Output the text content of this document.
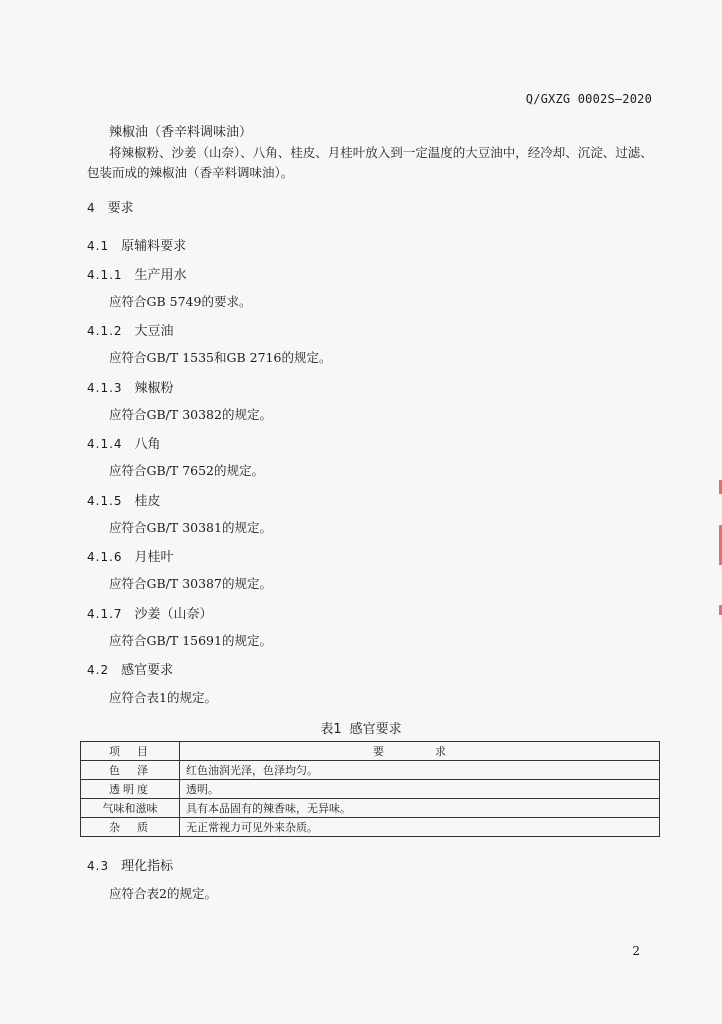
Q/GXZG 0002S—2020
辣椒油（香辛料调味油）
将辣椒粉、沙姜（山奈）、八角、桂皮、月桂叶放入到一定温度的大豆油中，经冷却、沉淀、过滤、
包装而成的辣椒油（香辛料调味油）。
4 要求
4.1 原辅料要求
4.1.1 生产用水
应符合GB 5749的要求。
4.1.2 大豆油
应符合GB/T 1535和GB 2716的规定。
4.1.3 辣椒粉
应符合GB/T 30382的规定。
4.1.4 八角
应符合GB/T 7652的规定。
4.1.5 桂皮
应符合GB/T 30381的规定。
4.1.6 月桂叶
应符合GB/T 30387的规定。
4.1.7 沙姜（山奈）
应符合GB/T 15691的规定。
4.2 感官要求
应符合表1的规定。
表1 感官要求
项　目	要　求
色　泽	红色油润光泽，色泽均匀。
透明度	透明。
气味和滋味	具有本品固有的辣香味，无异味。
杂　质	无正常视力可见外来杂质。
4.3 理化指标
应符合表2的规定。
2
